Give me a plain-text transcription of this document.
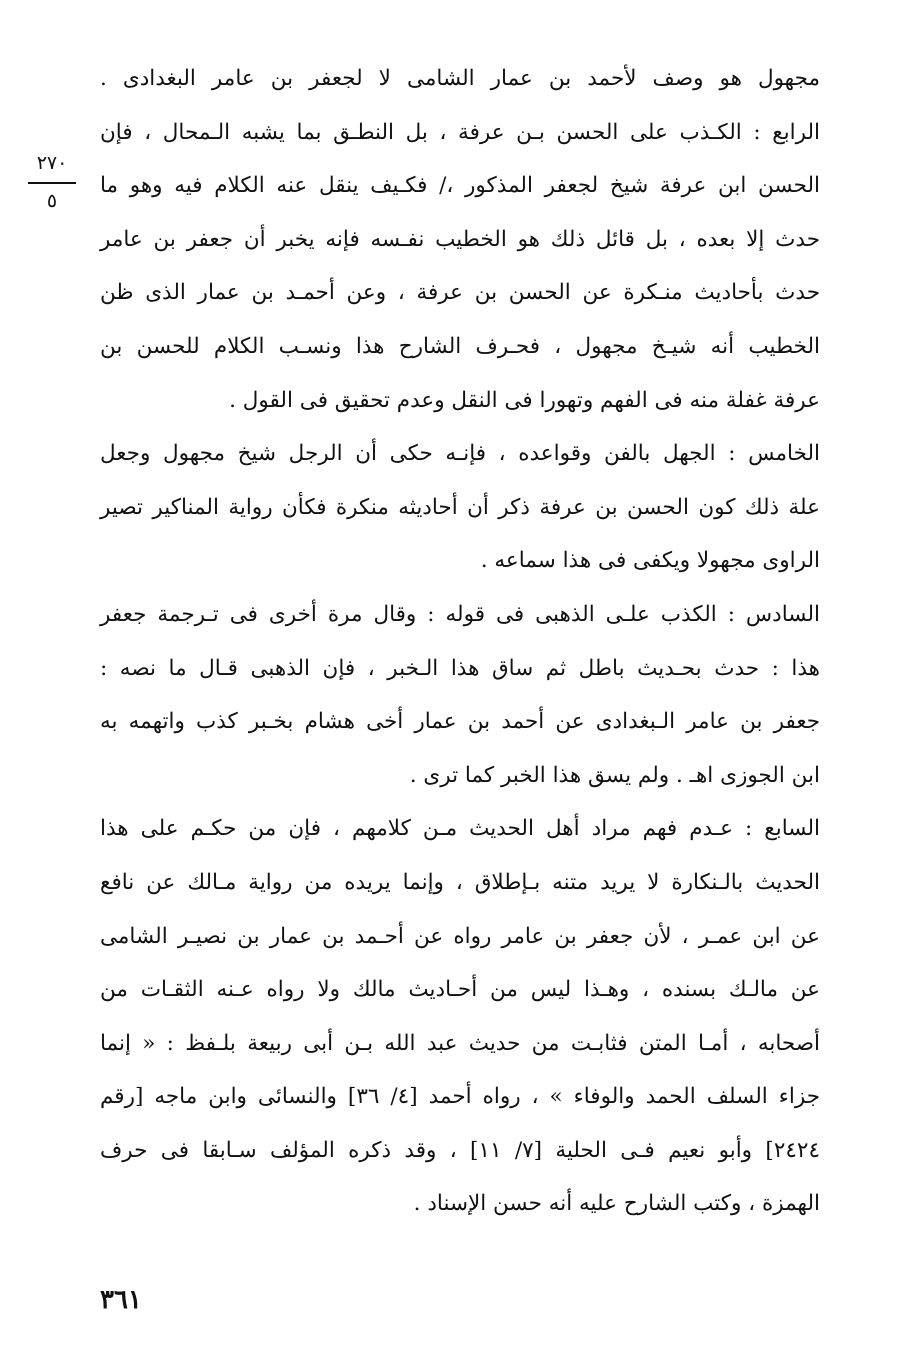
٢٧٠
٥
مجهول هو وصف لأحمد بن عمار الشامى لا لجعفر بن عامر البغدادى .
الرابع : الكـذب على الحسن بـن عرفة ، بل النطـق بما يشبه الـمحال ، فإن
الحسن ابن عرفة شيخ لجعفر المذكور ،/ فكـيف ينقل عنه الكلام فيه وهو ما
حدث إلا بعده ، بل قائل ذلك هو الخطيب نفـسه فإنه يخبر أن جعفر بن عامر
حدث بأحاديث منـكرة عن الحسن بن عرفة ، وعن أحمـد بن عمار الذى ظن
الخطيب أنه شيـخ مجهول ، فحـرف الشارح هذا ونسـب الكلام للحسن بن
عرفة غفلة منه فى الفهم وتهورا فى النقل وعدم تحقيق فى القول .
الخامس : الجهل بالفن وقواعده ، فإنـه حكى أن الرجل شيخ مجهول وجعل
علة ذلك كون الحسن بن عرفة ذكر أن أحاديثه منكرة فكأن رواية المناكير تصير
الراوى مجهولا ويكفى فى هذا سماعه .
السادس : الكذب علـى الذهبى فى قوله : وقال مرة أخرى فى تـرجمة جعفر
هذا : حدث بحـديث باطل ثم ساق هذا الـخبر ، فإن الذهبى قـال ما نصه :
جعفر بن عامر الـبغدادى عن أحمد بن عمار أخى هشام بخـبر كذب واتهمه به
ابن الجوزى اهـ . ولم يسق هذا الخبر كما ترى .
السابع : عـدم فهم مراد أهل الحديث مـن كلامهم ، فإن من حكـم على هذا
الحديث بالـنكارة لا يريد متنه بـإطلاق ، وإنما يريده من رواية مـالك عن نافع
عن ابن عمـر ، لأن جعفر بن عامر رواه عن أحـمد بن عمار بن نصيـر الشامى
عن مالـك بسنده ، وهـذا ليس من أحـاديث مالك ولا رواه عـنه الثقـات من
أصحابه ، أمـا المتن فثابـت من حديث عبد الله بـن أبى ربيعة بلـفظ : « إنما
جزاء السلف الحمد والوفاء » ، رواه أحمد [٤/ ٣٦] والنسائى وابن ماجه [رقم
٢٤٢٤] وأبو نعيم فـى الحلية [٧/ ١١] ، وقد ذكره المؤلف سـابقا فى حرف
الهمزة ، وكتب الشارح عليه أنه حسن الإسناد .
٣٦١
